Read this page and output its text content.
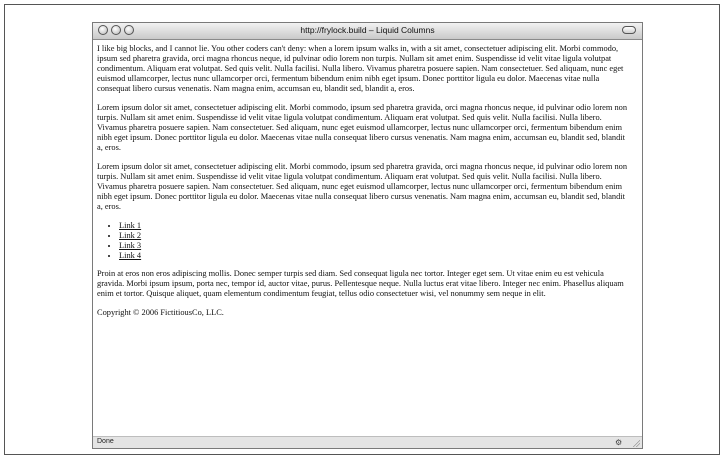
http://frylock.build – Liquid Columns

I like big blocks, and I cannot lie. You other coders can't deny: when a lorem ipsum walks in, with a sit amet, consectetuer adipiscing elit. Morbi commodo, ipsum sed pharetra gravida, orci magna rhoncus neque, id pulvinar odio lorem non turpis. Nullam sit amet enim. Suspendisse id velit vitae ligula volutpat condimentum. Aliquam erat volutpat. Sed quis velit. Nulla facilisi. Nulla libero. Vivamus pharetra posuere sapien. Nam consectetuer. Sed aliquam, nunc eget euismod ullamcorper, lectus nunc ullamcorper orci, fermentum bibendum enim nibh eget ipsum. Donec porttitor ligula eu dolor. Maecenas vitae nulla consequat libero cursus venenatis. Nam magna enim, accumsan eu, blandit sed, blandit a, eros.

Lorem ipsum dolor sit amet, consectetuer adipiscing elit. Morbi commodo, ipsum sed pharetra gravida, orci magna rhoncus neque, id pulvinar odio lorem non turpis. Nullam sit amet enim. Suspendisse id velit vitae ligula volutpat condimentum. Aliquam erat volutpat. Sed quis velit. Nulla facilisi. Nulla libero. Vivamus pharetra posuere sapien. Nam consectetuer. Sed aliquam, nunc eget euismod ullamcorper, lectus nunc ullamcorper orci, fermentum bibendum enim nibh eget ipsum. Donec porttitor ligula eu dolor. Maecenas vitae nulla consequat libero cursus venenatis. Nam magna enim, accumsan eu, blandit sed, blandit a, eros.

Lorem ipsum dolor sit amet, consectetuer adipiscing elit. Morbi commodo, ipsum sed pharetra gravida, orci magna rhoncus neque, id pulvinar odio lorem non turpis. Nullam sit amet enim. Suspendisse id velit vitae ligula volutpat condimentum. Aliquam erat volutpat. Sed quis velit. Nulla facilisi. Nulla libero. Vivamus pharetra posuere sapien. Nam consectetuer. Sed aliquam, nunc eget euismod ullamcorper, lectus nunc ullamcorper orci, fermentum bibendum enim nibh eget ipsum. Donec porttitor ligula eu dolor. Maecenas vitae nulla consequat libero cursus venenatis. Nam magna enim, accumsan eu, blandit sed, blandit a, eros.

• Link 1
• Link 2
• Link 3
• Link 4

Proin at eros non eros adipiscing mollis. Donec semper turpis sed diam. Sed consequat ligula nec tortor. Integer eget sem. Ut vitae enim eu est vehicula gravida. Morbi ipsum ipsum, porta nec, tempor id, auctor vitae, purus. Pellentesque neque. Nulla luctus erat vitae libero. Integer nec enim. Phasellus aliquam enim et tortor. Quisque aliquet, quam elementum condimentum feugiat, tellus odio consectetuer wisi, vel nonummy sem neque in elit.

Copyright © 2006 FictitiousCo, LLC.

Done	⚙
